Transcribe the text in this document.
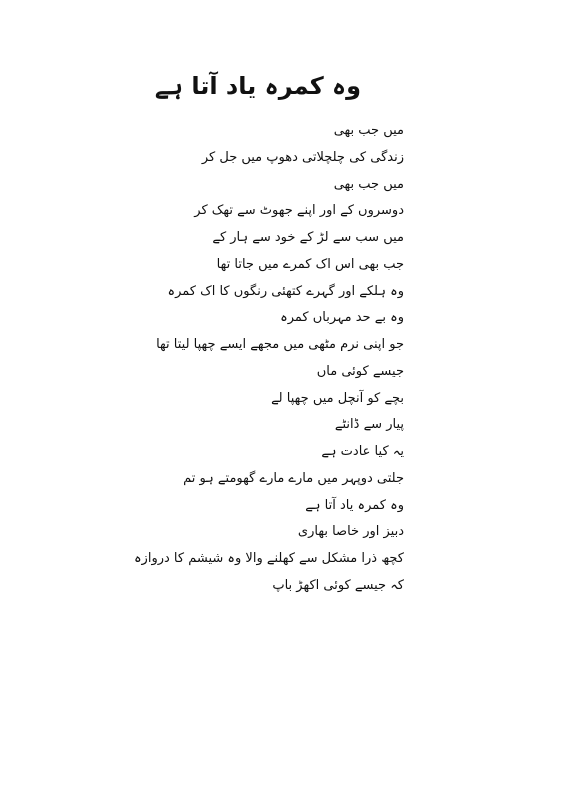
وہ کمرہ یاد آتا ہے
میں جب بھی
زندگی کی چلچلاتی دھوپ میں جل کر
میں جب بھی
دوسروں کے اور اپنے جھوٹ سے تھک کر
میں سب سے لڑ کے خود سے ہار کے
جب بھی اس اک کمرے میں جاتا تھا
وہ ہلکے اور گہرے کتھئی رنگوں کا اک کمرہ
وہ بے حد مہرباں کمرہ
جو اپنی نرم مٹھی میں مجھے ایسے چھپا لیتا تھا
جیسے کوئی ماں
بچے کو آنچل میں چھپا لے
پیار سے ڈانٹے
یہ کیا عادت ہے
جلتی دوپہر میں مارے مارے گھومتے ہو تم
وہ کمرہ یاد آتا ہے
دبیز اور خاصا بھاری
کچھ ذرا مشکل سے کھلنے والا وہ شیشم کا دروازہ
کہ جیسے کوئی اکھڑ باپ
